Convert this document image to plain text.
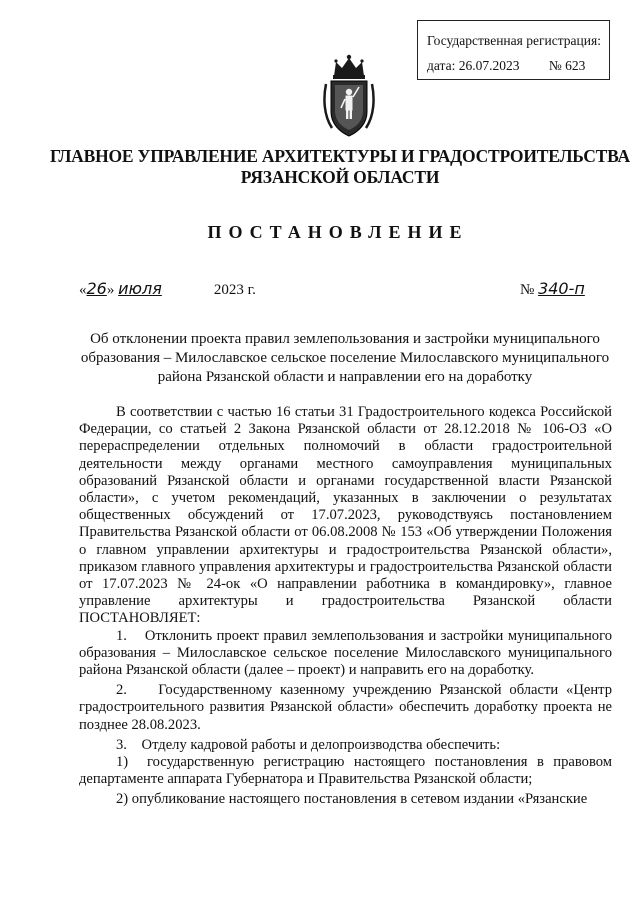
Государственная регистрация:
дата: 26.07.2023 № 623
ГЛАВНОЕ УПРАВЛЕНИЕ АРХИТЕКТУРЫ И ГРАДОСТРОИТЕЛЬСТВА
РЯЗАНСКОЙ ОБЛАСТИ
ПОСТАНОВЛЕНИЕ
«26» июля	2023 г.	№ 340-п
Об отклонении проекта правил землепользования и застройки муниципального образования – Милославское сельское поселение Милославского муниципального района Рязанской области и направлении его на доработку

В соответствии с частью 16 статьи 31 Градостроительного кодекса Российской Федерации, со статьей 2 Закона Рязанской области от 28.12.2018 № 106-ОЗ «О перераспределении отдельных полномочий в области градостроительной деятельности между органами местного самоуправления муниципальных образований Рязанской области и органами государственной власти Рязанской области», с учетом рекомендаций, указанных в заключении о результатах общественных обсуждений от 17.07.2023, руководствуясь постановлением Правительства Рязанской области от 06.08.2008 № 153 «Об утверждении Положения о главном управлении архитектуры и градостроительства Рязанской области», приказом главного управления архитектуры и градостроительства Рязанской области от 17.07.2023 № 24-ок «О направлении работника в командировку», главное управление архитектуры и градостроительства Рязанской области ПОСТАНОВЛЯЕТ:

1.    Отклонить проект правил землепользования и застройки муниципального образования – Милославское сельское поселение Милославского муниципального района Рязанской области (далее – проект) и направить его на доработку.

2.    Государственному казенному учреждению Рязанской области «Центр градостроительного развития Рязанской области» обеспечить доработку проекта не позднее 28.08.2023.

3.    Отделу кадровой работы и делопроизводства обеспечить:

1)  государственную регистрацию настоящего постановления в правовом департаменте аппарата Губернатора и Правительства Рязанской области;

2) опубликование настоящего постановления в сетевом издании «Рязанские
